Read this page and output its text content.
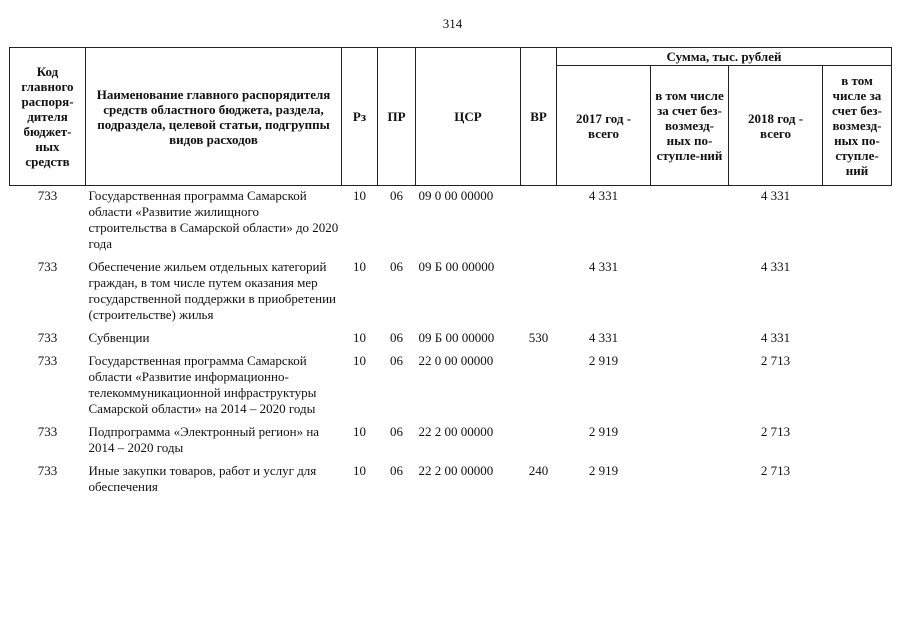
314
Код главного распоря-дителя бюджет-ных средств	Наименование главного распорядителя средств областного бюджета, раздела, подраздела, целевой статьи, подгруппы видов расходов	Рз	ПР	ЦСР	ВР	Сумма, тыс. рублей			
						2017 год - всего	в том числе за счет без-возмезд-ных по-ступле-ний	2018 год - всего	в том числе за счет без-возмезд-ных по-ступле-ний
733	Государственная программа Самарской области «Развитие жилищного строительства в Самарской области» до 2020 года	10	06	09 0 00 00000		4 331		4 331	
733	Обеспечение жильем отдельных категорий граждан, в том числе путем оказания мер государственной поддержки в приобретении (строительстве) жилья	10	06	09 Б 00 00000		4 331		4 331	
733	Субвенции	10	06	09 Б 00 00000	530	4 331		4 331	
733	Государственная программа Самарской области «Развитие информационно-телекоммуникационной инфраструктуры Самарской области» на 2014 – 2020 годы	10	06	22 0 00 00000		2 919		2 713	
733	Подпрограмма «Электронный регион» на 2014 – 2020 годы	10	06	22 2 00 00000		2 919		2 713	
733	Иные закупки товаров, работ и услуг для обеспечения	10	06	22 2 00 00000	240	2 919		2 713	
